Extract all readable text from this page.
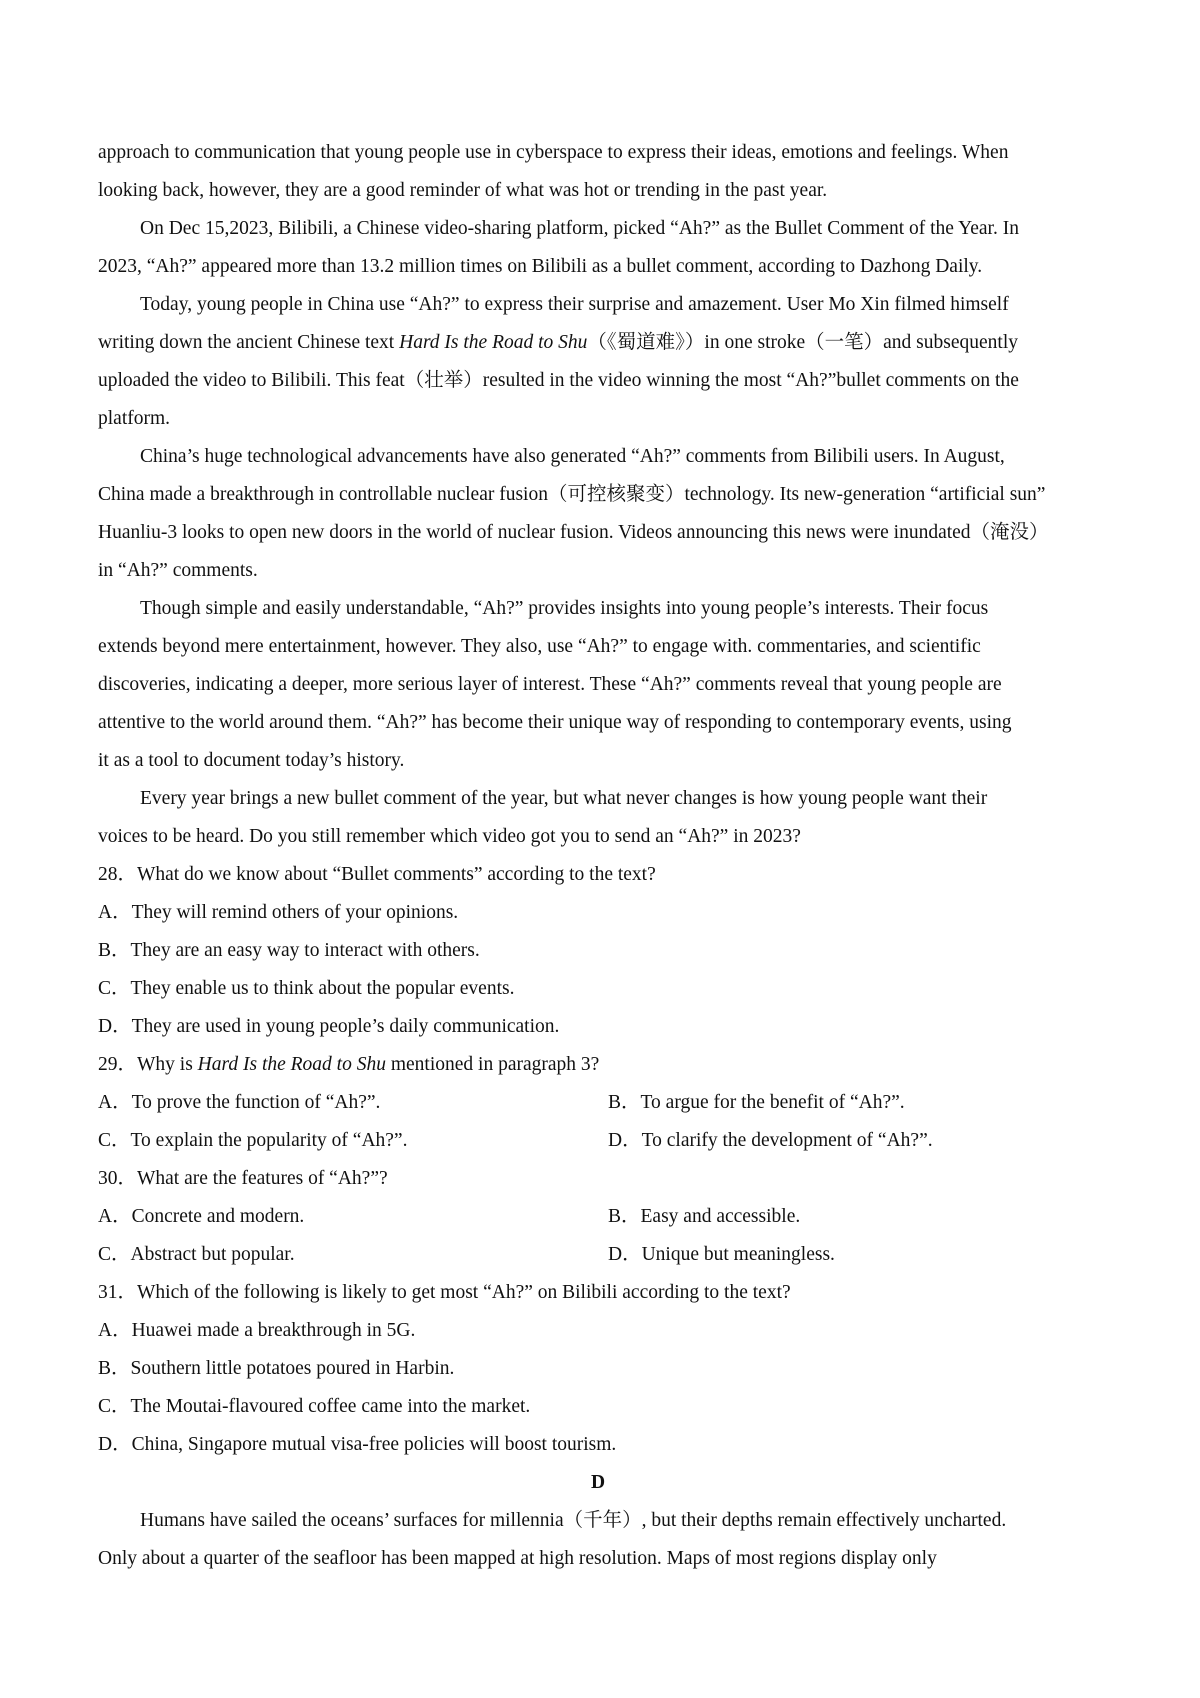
approach to communication that young people use in cyberspace to express their ideas, emotions and feelings. When
looking back, however, they are a good reminder of what was hot or trending in the past year.
On Dec 15,2023, Bilibili, a Chinese video-sharing platform, picked “Ah?” as the Bullet Comment of the Year. In
2023, “Ah?” appeared more than 13.2 million times on Bilibili as a bullet comment, according to Dazhong Daily.
Today, young people in China use “Ah?” to express their surprise and amazement. User Mo Xin filmed himself
writing down the ancient Chinese text Hard Is the Road to Shu（《蜀道难》）in one stroke（一笔）and subsequently
uploaded the video to Bilibili. This feat（壮举）resulted in the video winning the most “Ah?”bullet comments on the
platform.
China’s huge technological advancements have also generated “Ah?” comments from Bilibili users. In August,
China made a breakthrough in controllable nuclear fusion（可控核聚变）technology. Its new-generation “artificial sun”
Huanliu-3 looks to open new doors in the world of nuclear fusion. Videos announcing this news were inundated（淹没）
in “Ah?” comments.
Though simple and easily understandable, “Ah?” provides insights into young people’s interests. Their focus
extends beyond mere entertainment, however. They also, use “Ah?” to engage with. commentaries, and scientific
discoveries, indicating a deeper, more serious layer of interest. These “Ah?” comments reveal that young people are
attentive to the world around them. “Ah?” has become their unique way of responding to contemporary events, using
it as a tool to document today’s history.
Every year brings a new bullet comment of the year, but what never changes is how young people want their
voices to be heard. Do you still remember which video got you to send an “Ah?” in 2023?
28．What do we know about “Bullet comments” according to the text?
A．They will remind others of your opinions.
B．They are an easy way to interact with others.
C．They enable us to think about the popular events.
D．They are used in young people’s daily communication.
29．Why is Hard Is the Road to Shu mentioned in paragraph 3?
A．To prove the function of “Ah?”.	B．To argue for the benefit of “Ah?”.
C．To explain the popularity of “Ah?”.	D．To clarify the development of “Ah?”.
30．What are the features of “Ah?”?
A．Concrete and modern.	B．Easy and accessible.
C．Abstract but popular.	D．Unique but meaningless.
31．Which of the following is likely to get most “Ah?” on Bilibili according to the text?
A．Huawei made a breakthrough in 5G.
B．Southern little potatoes poured in Harbin.
C．The Moutai-flavoured coffee came into the market.
D．China, Singapore mutual visa-free policies will boost tourism.
D
Humans have sailed the oceans’ surfaces for millennia（千年）, but their depths remain effectively uncharted.
Only about a quarter of the seafloor has been mapped at high resolution. Maps of most regions display only
